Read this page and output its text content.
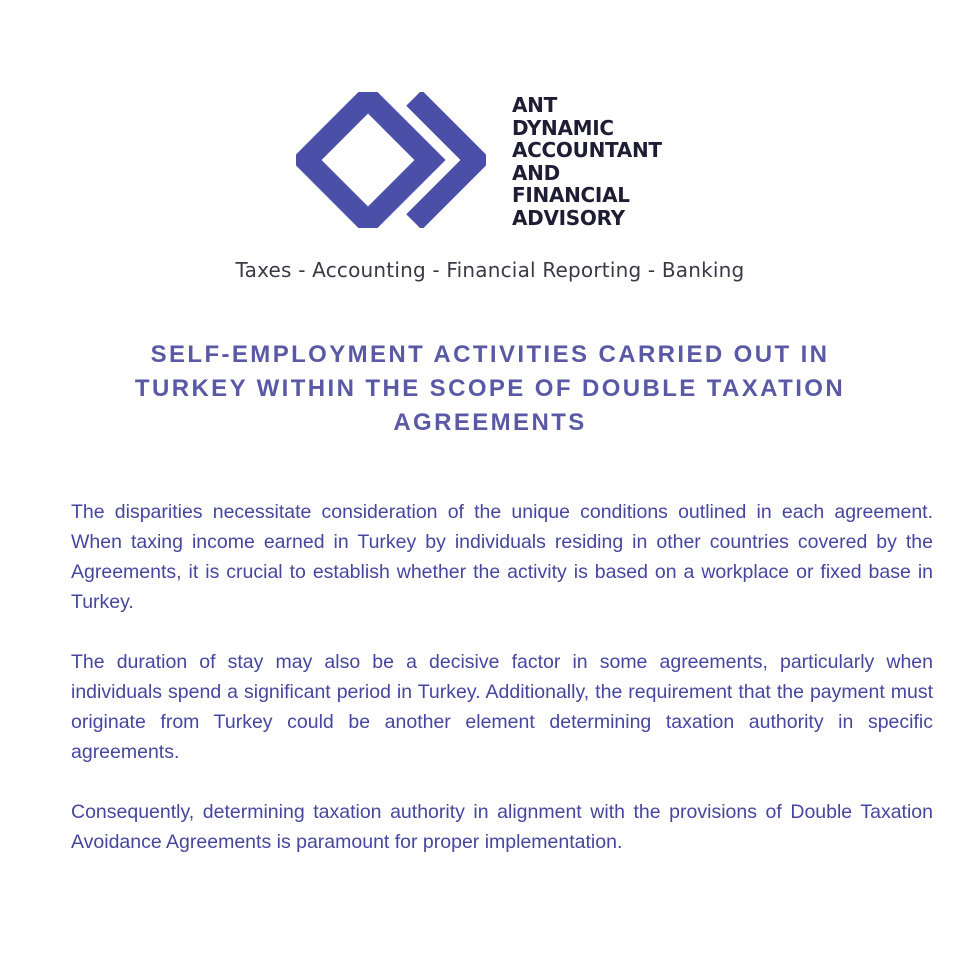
ANT
DYNAMIC
ACCOUNTANT
AND
FINANCIAL
ADVISORY
Taxes - Accounting - Financial Reporting - Banking
SELF-EMPLOYMENT ACTIVITIES CARRIED OUT IN TURKEY WITHIN THE SCOPE OF DOUBLE TAXATION AGREEMENTS

The disparities necessitate consideration of the unique conditions outlined in each agreement. When taxing income earned in Turkey by individuals residing in other countries covered by the Agreements, it is crucial to establish whether the activity is based on a workplace or fixed base in Turkey.

The duration of stay may also be a decisive factor in some agreements, particularly when individuals spend a significant period in Turkey. Additionally, the requirement that the payment must originate from Turkey could be another element determining taxation authority in specific agreements.

Consequently, determining taxation authority in alignment with the provisions of Double Taxation Avoidance Agreements is paramount for proper implementation.
